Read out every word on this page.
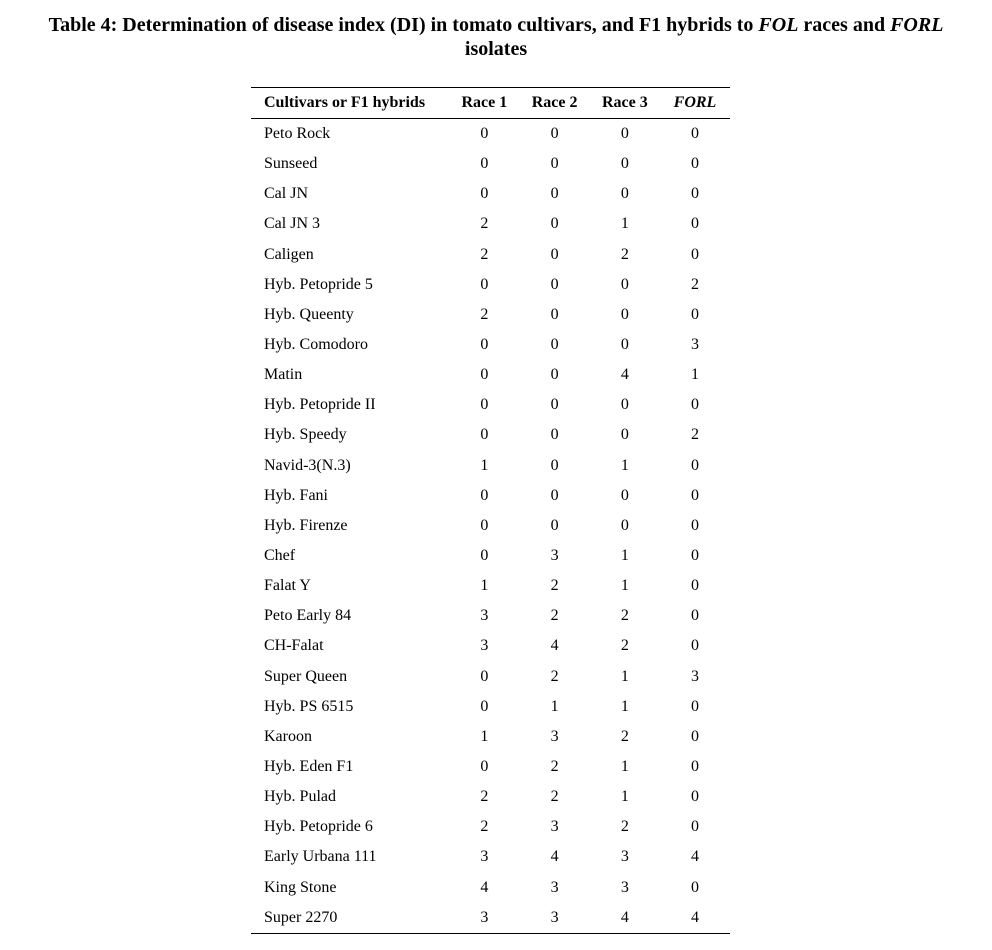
Table 4: Determination of disease index (DI) in tomato cultivars, and F1 hybrids to FOL races and FORL
isolates
Cultivars or F1 hybrids	Race 1	Race 2	Race 3	FORL
Peto Rock	0	0	0	0
Sunseed	0	0	0	0
Cal JN	0	0	0	0
Cal JN 3	2	0	1	0
Caligen	2	0	2	0
Hyb. Petopride 5	0	0	0	2
Hyb. Queenty	2	0	0	0
Hyb. Comodoro	0	0	0	3
Matin	0	0	4	1
Hyb. Petopride II	0	0	0	0
Hyb. Speedy	0	0	0	2
Navid-3(N.3)	1	0	1	0
Hyb. Fani	0	0	0	0
Hyb. Firenze	0	0	0	0
Chef	0	3	1	0
Falat Y	1	2	1	0
Peto Early 84	3	2	2	0
CH-Falat	3	4	2	0
Super Queen	0	2	1	3
Hyb. PS 6515	0	1	1	0
Karoon	1	3	2	0
Hyb. Eden F1	0	2	1	0
Hyb. Pulad	2	2	1	0
Hyb. Petopride 6	2	3	2	0
Early Urbana 111	3	4	3	4
King Stone	4	3	3	0
Super 2270	3	3	4	4
